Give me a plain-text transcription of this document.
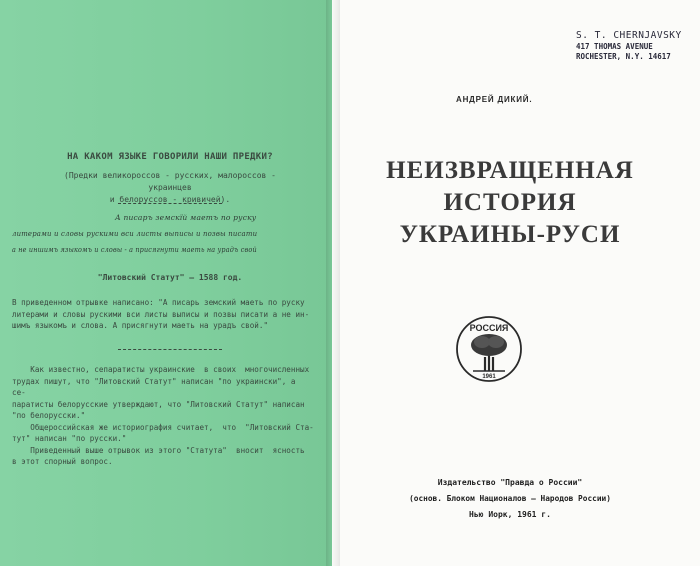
НА КАКОМ ЯЗЫКЕ ГОВОРИЛИ НАШИ ПРЕДКИ?
(Предки великороссов - русских, малороссов - украинцев
и белоруссов - кривичей).
А писаръ земскїй маетъ по руску
литерами и словы рускими вси листы выписы и позвы писати
а не иншимъ языкомъ и словы - а присягнути маеть на урадъ свой
"Литовский Статут" — 1588 год.
В приведенном отрывке написано: "А писарь земский маеть по руску
литерами и словы рускими вси листы выписы и позвы писати а не ин-
шимъ языкомъ и слова. А присягнути маеть на урадъ свой."
Как известно, сепаратисты украинские  в своих  многочисленных
трудах пишут, что "Литовский Статут" написан "по украински", а се-
паратисты белорусские утверждают, что "Литовский Статут" написан
"по белорусски."
Общероссийская же историография считает,  что  "Литовский Ста-
тут" написан "по русски."
Приведенный выше отрывок из этого "Статута"  вносит  ясность
в этот спорный вопрос.
S. T. CHERNJAVSKY
417 THOMAS AVENUE
ROCHESTER, N.Y. 14617
АНДРЕЙ ДИКИЙ.
НЕИЗВРАЩЕННАЯ
ИСТОРИЯ
УКРАИНЫ-РУСИ
РОССИЯ
1961
Издательство "Правда о России"
(основ. Блоком Националов — Народов России)
Нью Иорк, 1961 г.
